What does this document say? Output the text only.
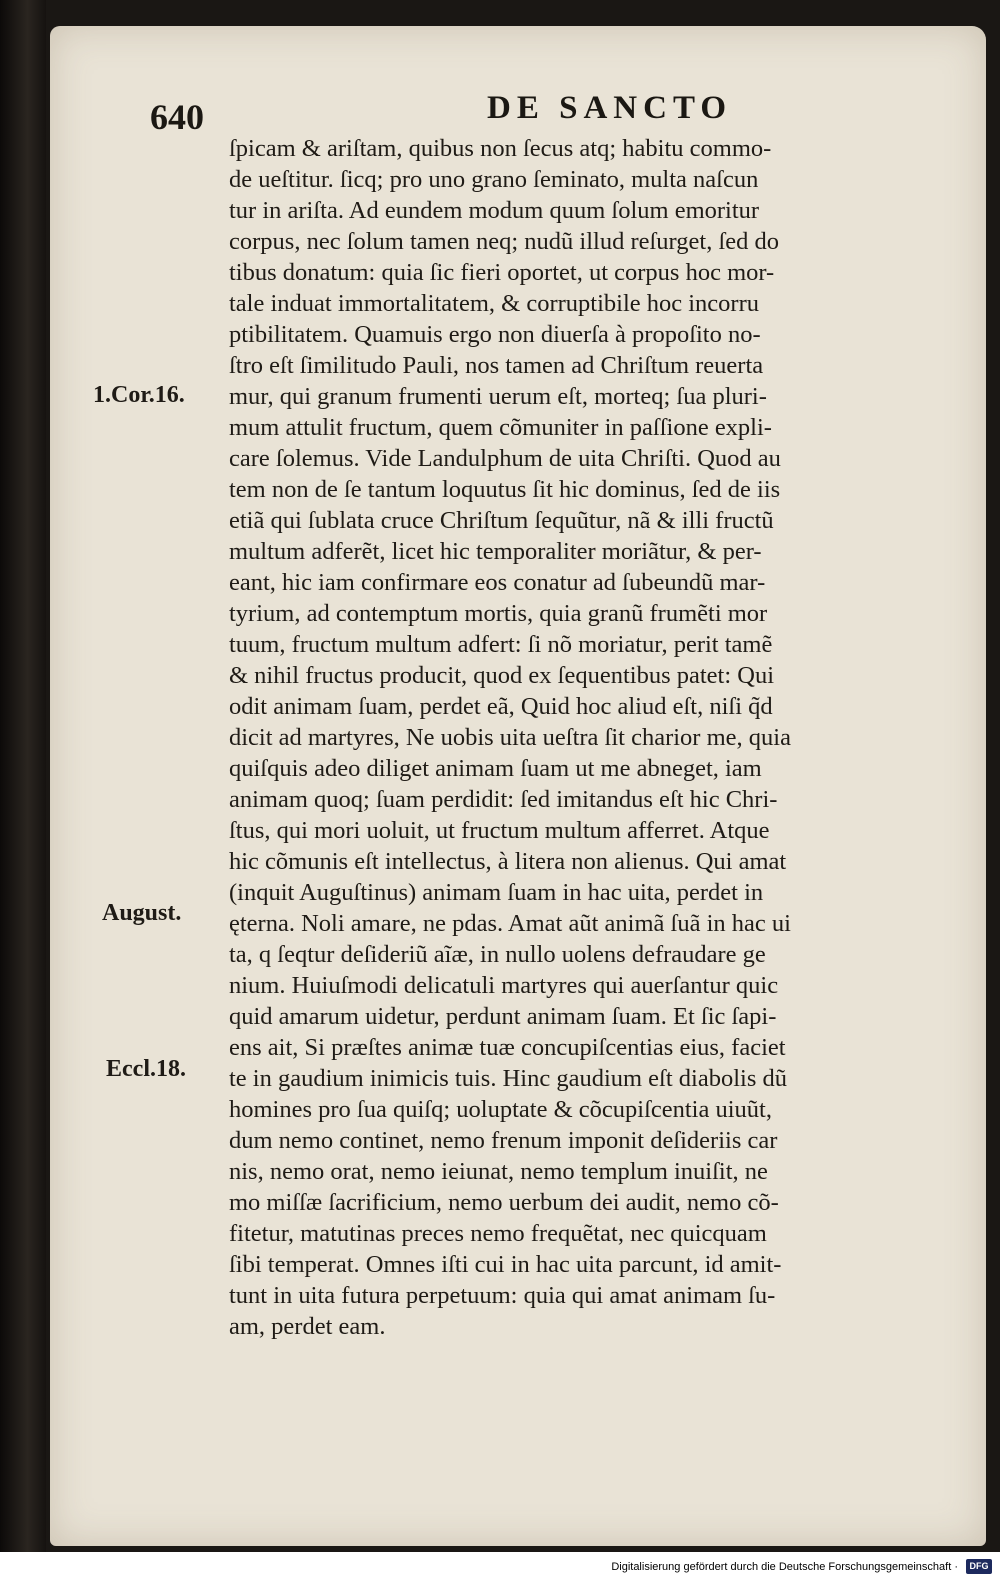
640	DE SANCTO
1.Cor.16.
August.
Eccl.18.
ſpicam & ariſtam, quibus non ſecus atq; habitu commo-
de ueſtitur. ſicq; pro uno grano ſeminato, multa naſcun
tur in ariſta. Ad eundem modum quum ſolum emoritur
corpus, nec ſolum tamen neq; nudũ illud reſurget, ſed do
tibus donatum: quia ſic fieri oportet, ut corpus hoc mor-
tale induat immortalitatem, & corruptibile hoc incorru
ptibilitatem. Quamuis ergo non diuerſa à propoſito no-
ſtro eſt ſimilitudo Pauli, nos tamen ad Chriſtum reuerta
mur, qui granum frumenti uerum eſt, morteq; ſua pluri-
mum attulit fructum, quem cõmuniter in paſſione expli-
care ſolemus. Vide Landulphum de uita Chriſti. Quod au
tem non de ſe tantum loquutus ſit hic dominus, ſed de iis
etiã qui ſublata cruce Chriſtum ſequũtur, nã & illi fructũ
multum adferẽt, licet hic temporaliter moriãtur, & per-
eant, hic iam confirmare eos conatur ad ſubeundũ mar-
tyrium, ad contemptum mortis, quia granũ frumẽti mor
tuum, fructum multum adfert: ſi nõ moriatur, perit tamẽ
& nihil fructus producit, quod ex ſequentibus patet: Qui
odit animam ſuam, perdet eã, Quid hoc aliud eſt, niſi q̃d
dicit ad martyres, Ne uobis uita ueſtra ſit charior me, quia
quiſquis adeo diliget animam ſuam ut me abneget, iam
animam quoq; ſuam perdidit: ſed imitandus eſt hic Chri-
ſtus, qui mori uoluit, ut fructum multum afferret. Atque
hic cõmunis eſt intellectus, à litera non alienus. Qui amat
(inquit Auguſtinus) animam ſuam in hac uita, perdet in
ęterna. Noli amare, ne pdas. Amat aũt animã ſuã in hac ui
ta, q ſeqtur deſideriũ aĩæ, in nullo uolens defraudare ge
nium. Huiuſmodi delicatuli martyres qui auerſantur quic
quid amarum uidetur, perdunt animam ſuam. Et ſic ſapi-
ens ait, Si præſtes animæ tuæ concupiſcentias eius, faciet
te in gaudium inimicis tuis. Hinc gaudium eſt diabolis dũ
homines pro ſua quiſq; uoluptate & cõcupiſcentia uiuũt,
dum nemo continet, nemo frenum imponit deſideriis car
nis, nemo orat, nemo ieiunat, nemo templum inuiſit, ne
mo miſſæ ſacrificium, nemo uerbum dei audit, nemo cõ-
fitetur, matutinas preces nemo frequẽtat, nec quicquam
ſibi temperat. Omnes iſti cui in hac uita parcunt, id amit-
tunt in uita futura perpetuum: quia qui amat animam ſu-
am, perdet eam.
Digitalisierung gefördert durch die Deutsche Forschungsgemeinschaft ·	DFG
